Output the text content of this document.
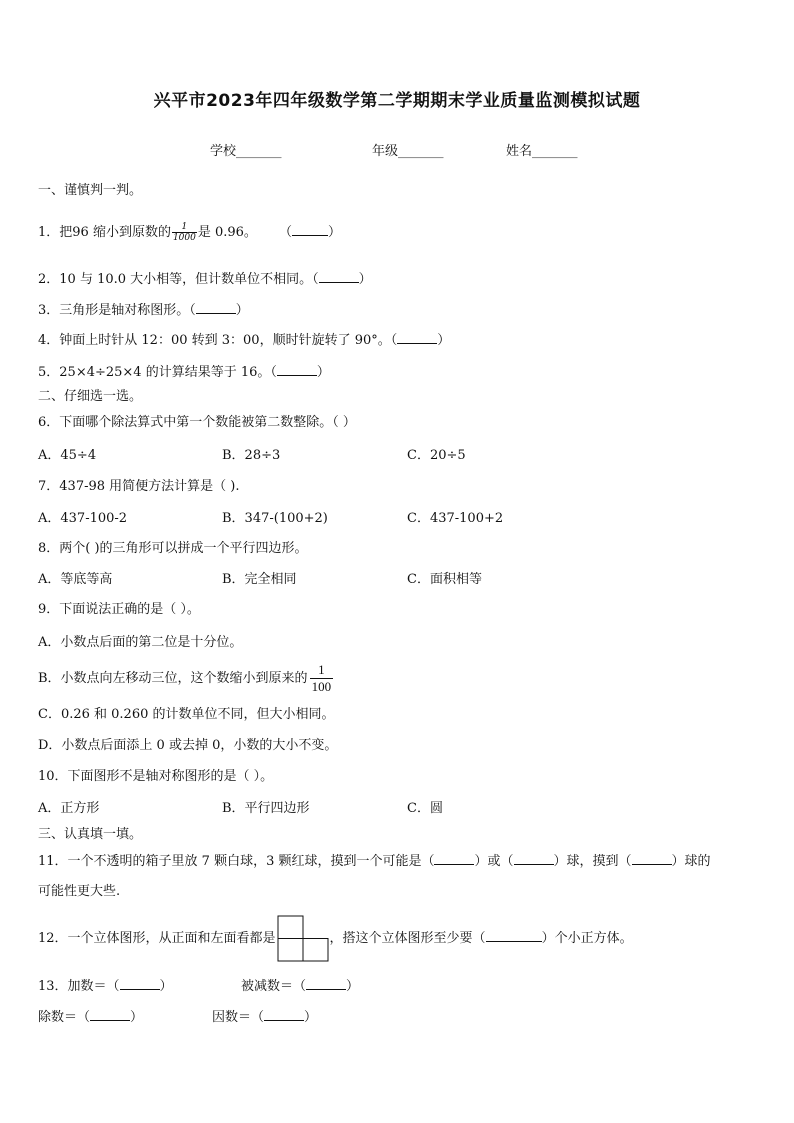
兴平市2023年四年级数学第二学期期末学业质量监测模拟试题
学校_______	年级_______	姓名_______
一、谨慎判一判。
1．把96 缩小到原数的 $\frac{1}{1000}$ 是 0.96。 （	）
2．10 与 10.0 大小相等，但计数单位不相同。（	）
3．三角形是轴对称图形。（	）
4．钟面上时针从 12：00 转到 3：00，顺时针旋转了 90°。（	）
5．25×4÷25×4 的计算结果等于 16。（	）
二、仔细选一选。
6．下面哪个除法算式中第一个数能被第二数整除。（ ）
A．45÷4	B．28÷3	C．20÷5
7．437-98 用简便方法计算是（ ).
A．437-100-2	B．347-(100+2)	C．437-100+2
8．两个( )的三角形可以拼成一个平行四边形。
A．等底等高	B．完全相同	C．面积相等
9．下面说法正确的是（ ）。
A．小数点后面的第二位是十分位。
B．小数点向左移动三位，这个数缩小到原来的 $\frac{1}{100}$
C．0.26 和 0.260 的计数单位不同，但大小相同。
D．小数点后面添上 0 或去掉 0，小数的大小不变。
10．下面图形不是轴对称图形的是（ ）。
A．正方形	B．平行四边形	C．圆
三、认真填一填。
11．一个不透明的箱子里放 7 颗白球，3 颗红球，摸到一个可能是（	）或（	）球，摸到（	）球的
可能性更大些.
12．一个立体图形，从正面和左面看都是	，搭这个立体图形至少要（	）个小正方体。
13．加数＝（	）	被减数＝（	）
除数＝（	）	因数＝（	）
